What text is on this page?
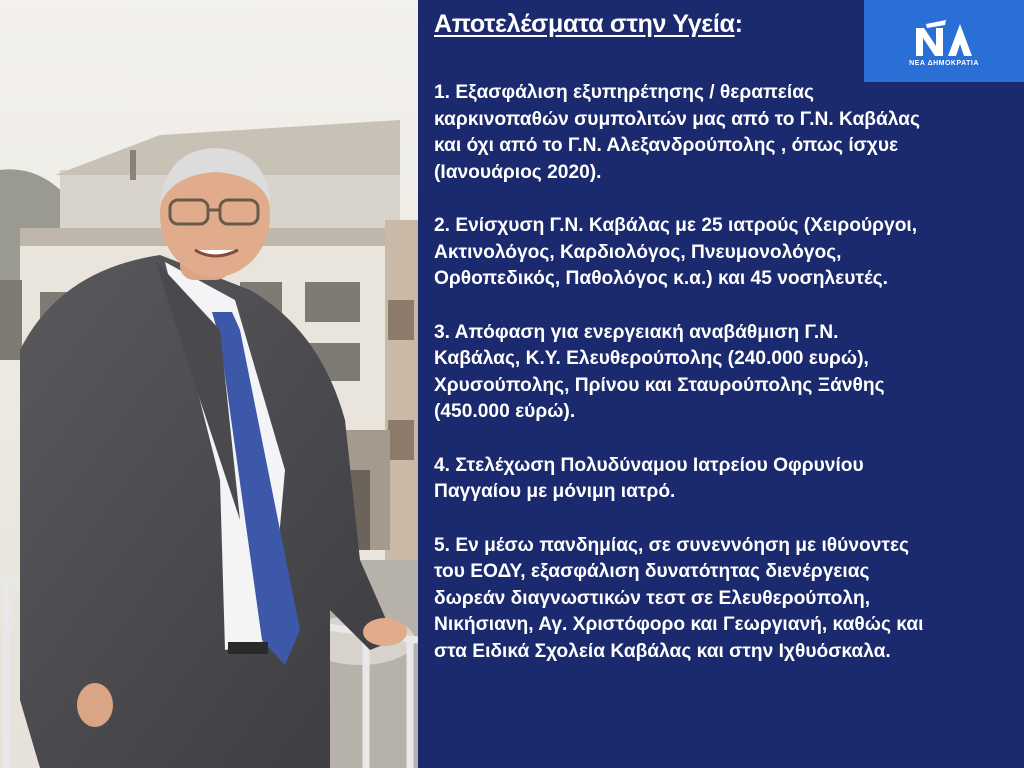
Αποτελέσματα στην Υγεία:
1. Εξασφάλιση εξυπηρέτησης / θεραπείας
καρκινοπαθών συμπολιτών μας από το Γ.Ν. Καβάλας
και όχι από το Γ.Ν. Αλεξανδρούπολης , όπως ίσχυε
(Ιανουάριος 2020).
2. Ενίσχυση Γ.Ν. Καβάλας με 25 ιατρούς (Χειρούργοι,
Ακτινολόγος, Καρδιολόγος, Πνευμονολόγος,
Ορθοπεδικός, Παθολόγος κ.α.) και 45 νοσηλευτές.
3. Απόφαση για ενεργειακή αναβάθμιση Γ.Ν.
Καβάλας, Κ.Υ. Ελευθερούπολης (240.000 ευρώ),
Χρυσούπολης, Πρίνου και Σταυρούπολης Ξάνθης
(450.000 εύρώ).
4. Στελέχωση Πολυδύναμου Ιατρείου Οφρυνίου
Παγγαίου με μόνιμη ιατρό.
5. Εν μέσω πανδημίας, σε συνεννόηση με ιθύνοντες
του ΕΟΔΥ, εξασφάλιση δυνατότητας διενέργειας
δωρεάν διαγνωστικών τεστ σε Ελευθερούπολη,
Νικήσιανη, Αγ. Χριστόφορο και Γεωργιανή, καθώς και
στα Ειδικά Σχολεία Καβάλας και στην Ιχθυόσκαλα.
ΝΕΑ ΔΗΜΟΚΡΑΤΙΑ
